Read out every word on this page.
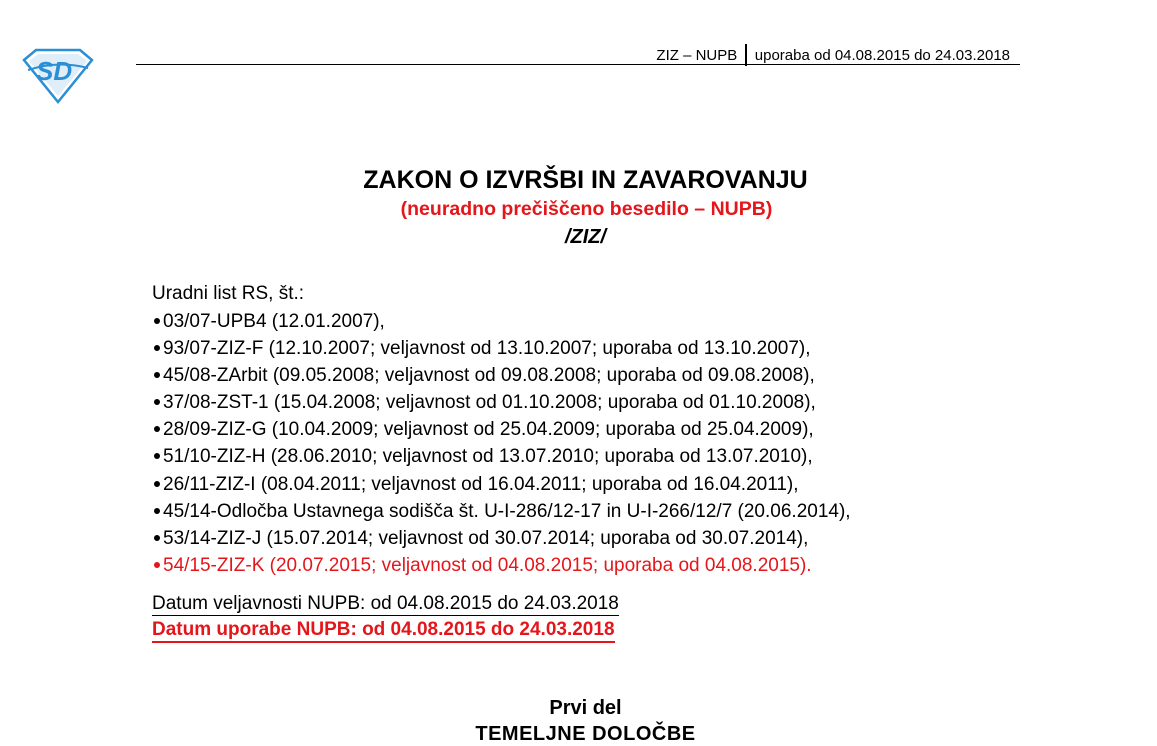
SD
ZIZ – NUPB uporaba od 04.08.2015 do 24.03.2018
ZAKON O IZVRŠBI IN ZAVAROVANJU
(neuradno prečiščeno besedilo – NUPB)
/ZIZ/
Uradni list RS, št.:
03/07-UPB4 (12.01.2007),
93/07-ZIZ-F (12.10.2007; veljavnost od 13.10.2007; uporaba od 13.10.2007),
45/08-ZArbit (09.05.2008; veljavnost od 09.08.2008; uporaba od 09.08.2008),
37/08-ZST-1 (15.04.2008; veljavnost od 01.10.2008; uporaba od 01.10.2008),
28/09-ZIZ-G (10.04.2009; veljavnost od 25.04.2009; uporaba od 25.04.2009),
51/10-ZIZ-H (28.06.2010; veljavnost od 13.07.2010; uporaba od 13.07.2010),
26/11-ZIZ-I (08.04.2011; veljavnost od 16.04.2011; uporaba od 16.04.2011),
45/14-Odločba Ustavnega sodišča št. U-I-286/12-17 in U-I-266/12/7 (20.06.2014),
53/14-ZIZ-J (15.07.2014; veljavnost od 30.07.2014; uporaba od 30.07.2014),
54/15-ZIZ-K (20.07.2015; veljavnost od 04.08.2015; uporaba od 04.08.2015).
Datum veljavnosti NUPB: od 04.08.2015 do 24.03.2018
Datum uporabe NUPB: od 04.08.2015 do 24.03.2018
Prvi del
TEMELJNE DOLOČBE
